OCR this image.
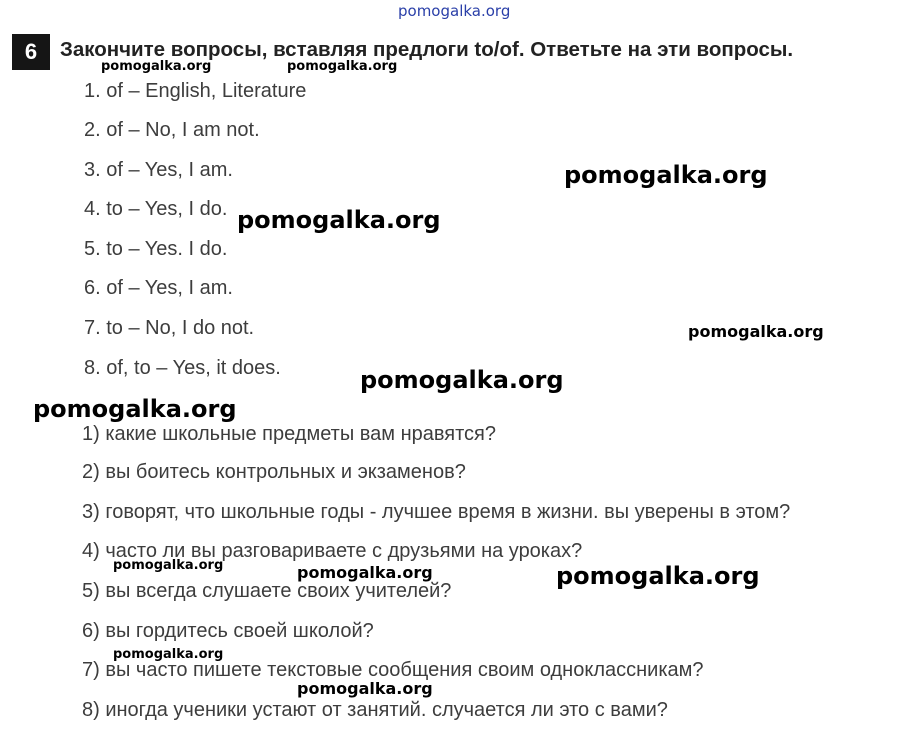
6	Закончите вопросы, вставляя предлоги to/of. Ответьте на эти вопросы.
1. of – English, Literature
2. of – No, I am not.
3. of – Yes, I am.
4. to – Yes, I do.
5. to – Yes. I do.
6. of – Yes, I am.
7. to – No, I do not.
8. of, to – Yes, it does.
1) какие школьные предметы вам нравятся?
2) вы боитесь контрольных и экзаменов?
3) говорят, что школьные годы - лучшее время в жизни. вы уверены в этом?
4) часто ли вы разговариваете с друзьями на уроках?
5) вы всегда слушаете своих учителей?
6) вы гордитесь своей школой?
7) вы часто пишете текстовые сообщения своим одноклассникам?
8) иногда ученики устают от занятий. случается ли это с вами?
pomogalka.org
pomogalka.org	pomogalka.org
pomogalka.org
pomogalka.org
pomogalka.org
pomogalka.org
pomogalka.org
pomogalka.org	pomogalka.org	pomogalka.org
pomogalka.org
pomogalka.org
